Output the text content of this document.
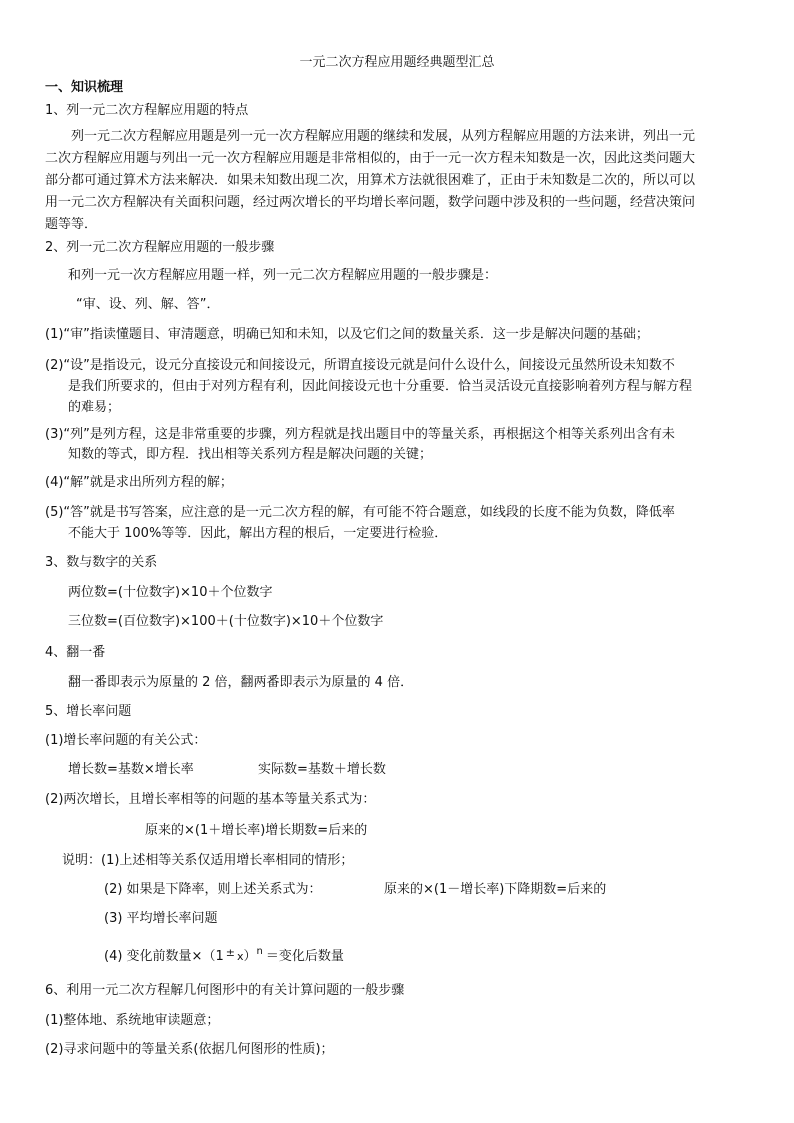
一元二次方程应用题经典题型汇总
一、知识梳理
1、列一元二次方程解应用题的特点

　　列一元二次方程解应用题是列一元一次方程解应用题的继续和发展，从列方程解应用题的方法来讲，列出一元

二次方程解应用题与列出一元一次方程解应用题是非常相似的，由于一元一次方程未知数是一次，因此这类问题大

部分都可通过算术方法来解决．如果未知数出现二次，用算术方法就很困难了，正由于未知数是二次的，所以可以

用一元二次方程解决有关面积问题，经过两次增长的平均增长率问题，数学问题中涉及积的一些问题，经营决策问

题等等．

2、列一元二次方程解应用题的一般步骤
和列一元一次方程解应用题一样，列一元二次方程解应用题的一般步骤是：
“审、设、列、解、答”．
(1)“审”指读懂题目、审清题意，明确已知和未知，以及它们之间的数量关系．这一步是解决问题的基础；
(2)“设”是指设元，设元分直接设元和间接设元，所谓直接设元就是问什么设什么，间接设元虽然所设未知数不
是我们所要求的，但由于对列方程有利，因此间接设元也十分重要．恰当灵活设元直接影响着列方程与解方程
的难易；
(3)“列”是列方程，这是非常重要的步骤，列方程就是找出题目中的等量关系，再根据这个相等关系列出含有未
知数的等式，即方程．找出相等关系列方程是解决问题的关键；
(4)“解”就是求出所列方程的解；
(5)“答”就是书写答案，应注意的是一元二次方程的解，有可能不符合题意，如线段的长度不能为负数，降低率
不能大于 100%等等．因此，解出方程的根后，一定要进行检验．
3、数与数字的关系
两位数=(十位数字)×10＋个位数字
三位数=(百位数字)×100＋(十位数字)×10＋个位数字
4、翻一番
翻一番即表示为原量的 2 倍，翻两番即表示为原量的 4 倍．
5、增长率问题
(1)增长率问题的有关公式：
增长数=基数×增长率	实际数=基数＋增长数
(2)两次增长，且增长率相等的问题的基本等量关系式为：
原来的×(1＋增长率)增长期数=后来的
说明：(1)上述相等关系仅适用增长率相同的情形；
(2) 如果是下降率，则上述关系式为：	原来的×(1－增长率)下降期数=后来的
(3) 平均增长率问题
(4) 变化前数量×（1 ± x）$^n$ ＝变化后数量
6、利用一元二次方程解几何图形中的有关计算问题的一般步骤
(1)整体地、系统地审读题意；
(2)寻求问题中的等量关系(依据几何图形的性质)；
